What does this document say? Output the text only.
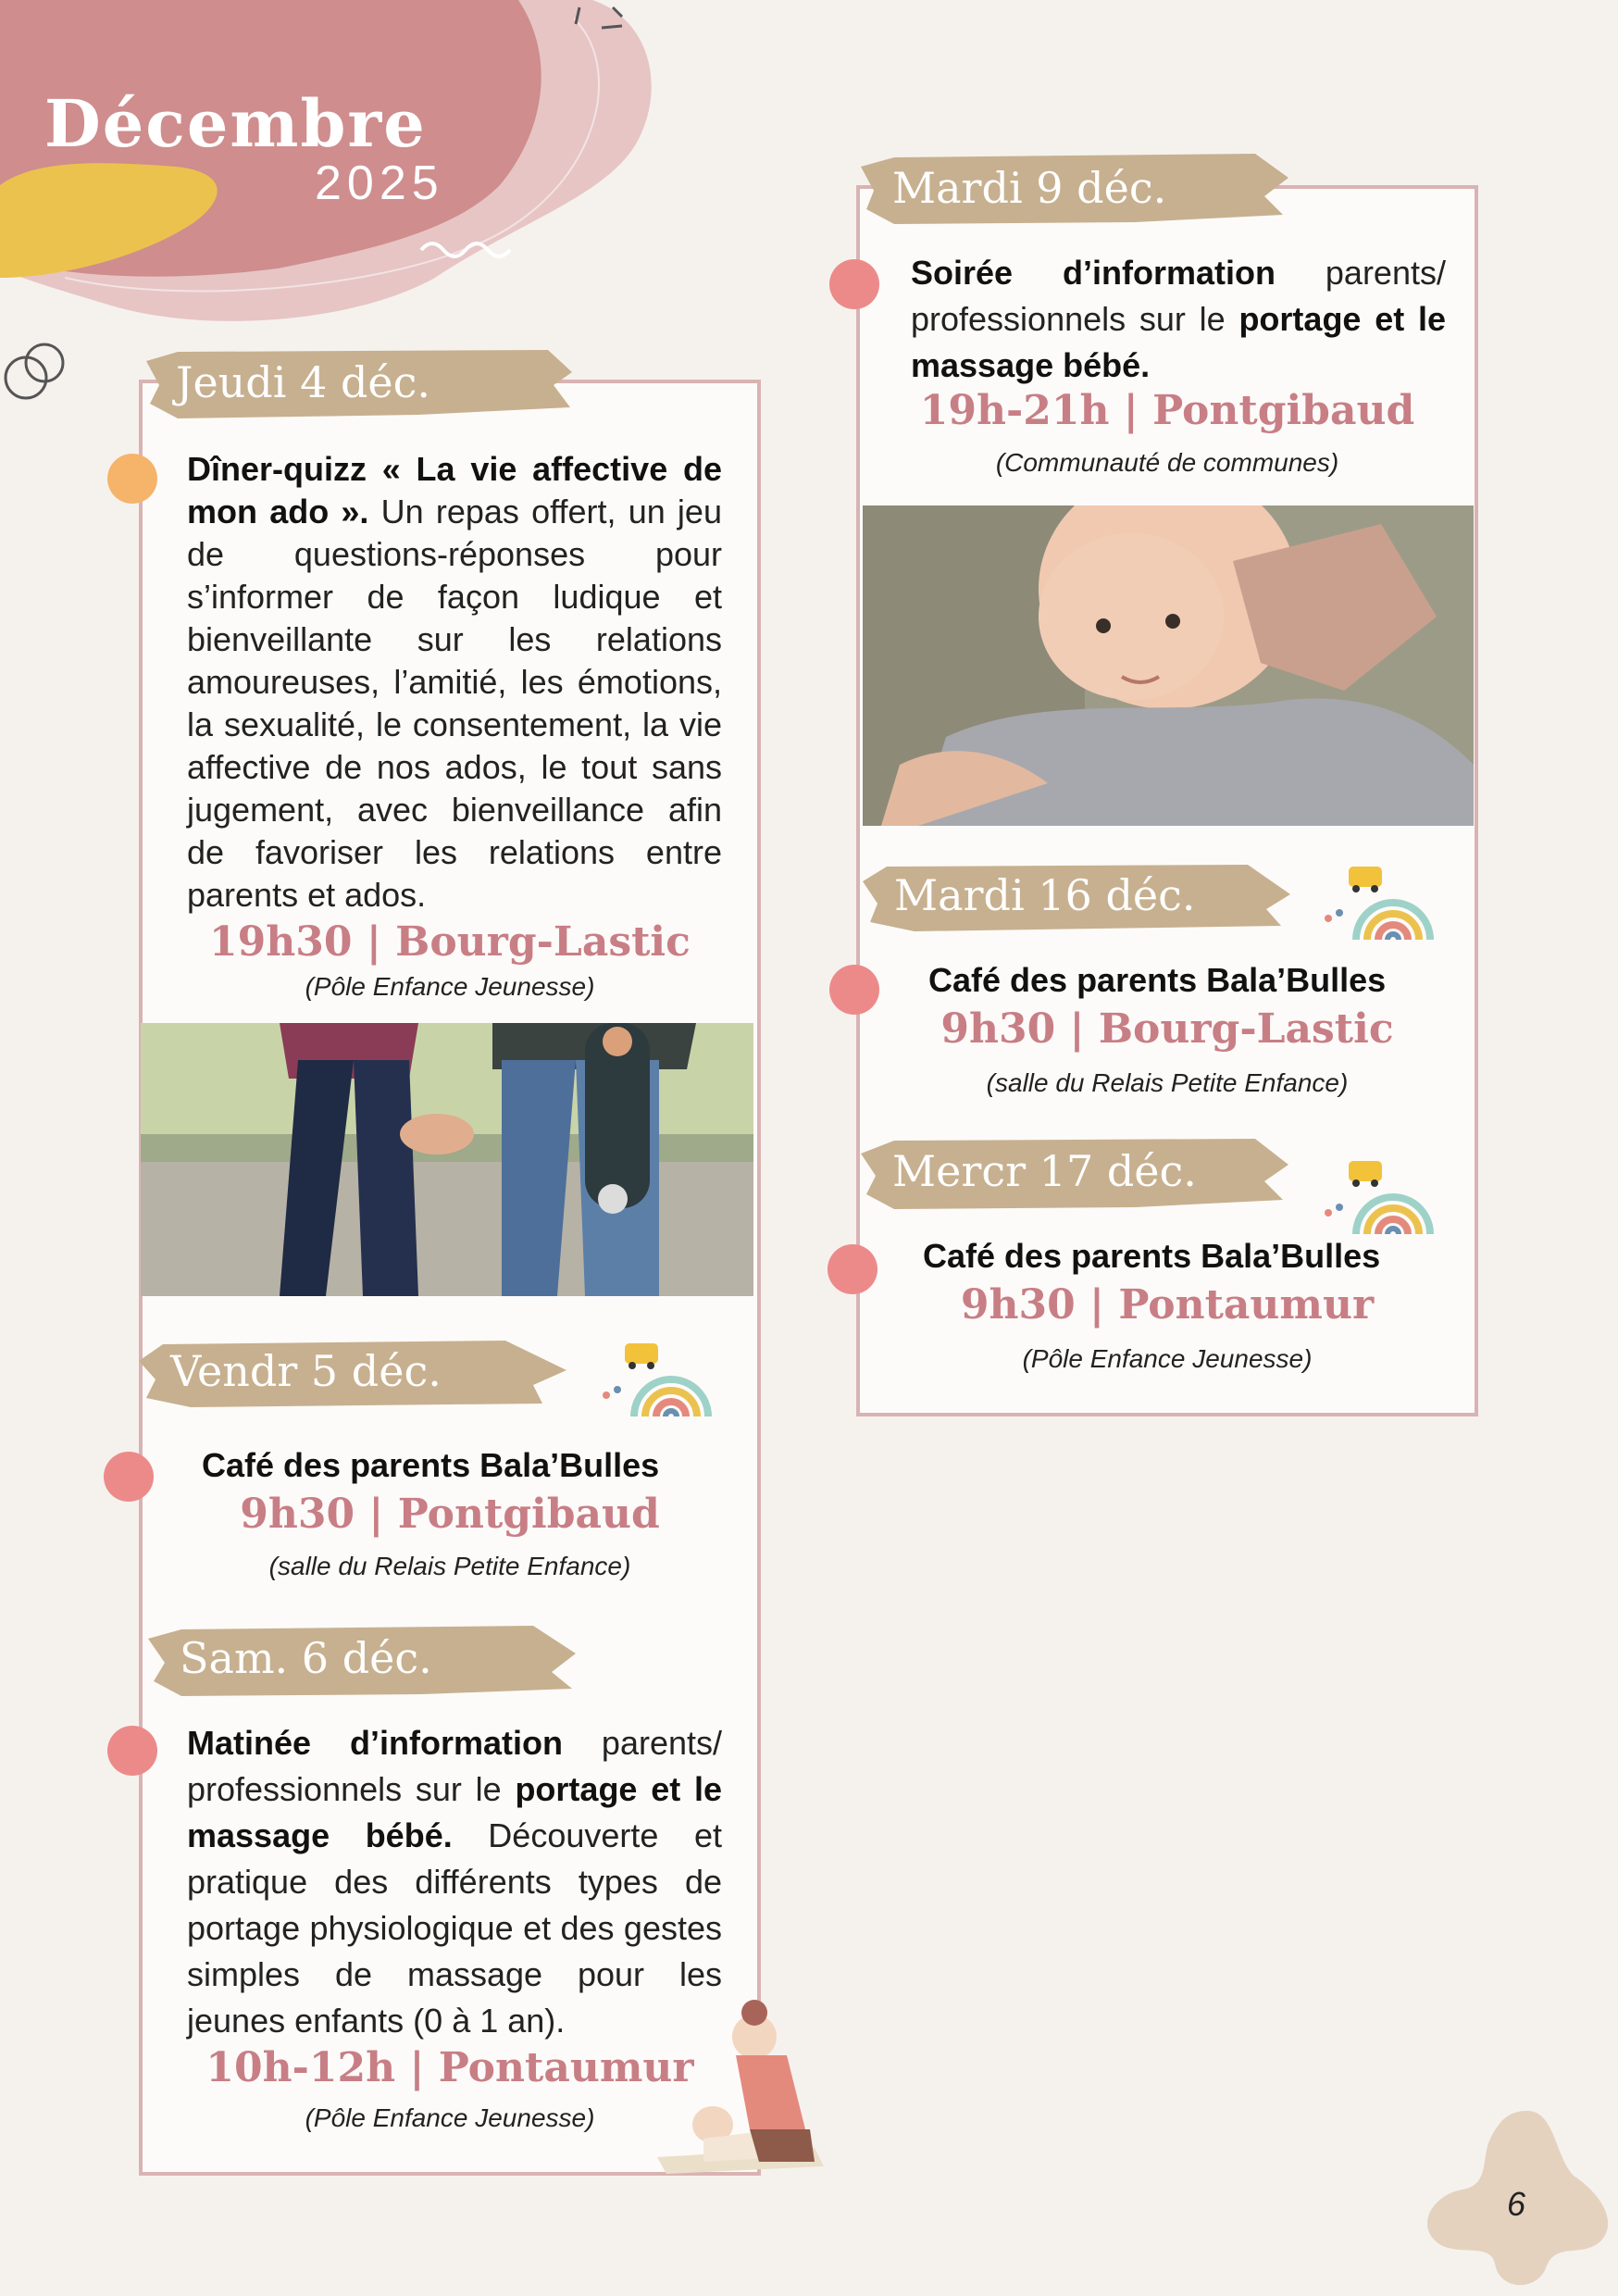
Décembre
2025
Jeudi 4 déc.
Dîner-quizz « La vie affective de mon ado ». Un repas offert, un jeu de questions-réponses pour s’informer de façon ludique et bienveillante sur les relations amoureuses, l’amitié, les émotions, la sexualité, le consentement, la vie affective de nos ados, le tout sans jugement, avec bienveillance afin de favoriser les relations entre parents et ados.
19h30 | Bourg-Lastic
(Pôle Enfance Jeunesse)
Vendr 5 déc.
Café des parents Bala’Bulles
9h30 | Pontgibaud
(salle du Relais Petite Enfance)
Sam. 6 déc.
Matinée d’information parents/ professionnels sur le portage et le massage bébé. Découverte et pratique des différents types de portage physiologique et des gestes simples de massage pour les jeunes enfants (0 à 1 an).
10h-12h | Pontaumur
(Pôle Enfance Jeunesse)
Mardi 9 déc.
Soirée d’information parents/ professionnels sur le portage et le massage bébé.
19h-21h | Pontgibaud
(Communauté de communes)
Mardi 16 déc.
Café des parents Bala’Bulles
9h30 | Bourg-Lastic
(salle du Relais Petite Enfance)
Mercr 17 déc.
Café des parents Bala’Bulles
9h30 | Pontaumur
(Pôle Enfance Jeunesse)
6
